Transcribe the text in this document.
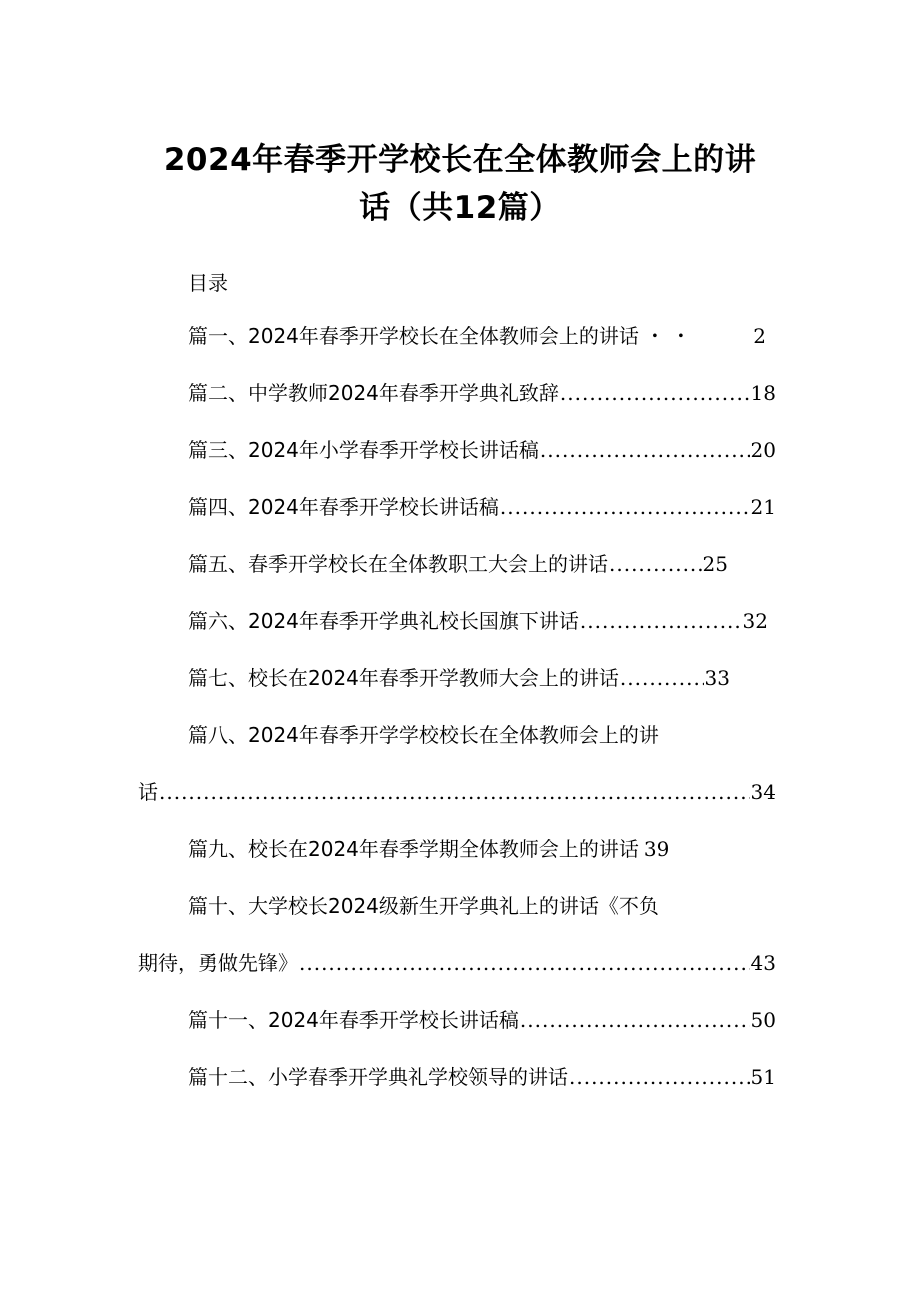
2024年春季开学校长在全体教师会上的讲
话（共12篇）
目录
篇一、2024年春季开学校长在全体教师会上的讲话 ・・	2
篇二、中学教师2024年春季开学典礼致辞 .....	18
篇三、2024年小学春季开学校长讲话稿 .....	20
篇四、2024年春季开学校长讲话稿 .....	21
篇五、春季开学校长在全体教职工大会上的讲话 .....	25
篇六、2024年春季开学典礼校长国旗下讲话 .....	32
篇七、校长在2024年春季开学教师大会上的讲话 .....	33
篇八、2024年春季开学学校校长在全体教师会上的讲
话 .....	34
篇九、校长在2024年春季学期全体教师会上的讲话 39
篇十、大学校长2024级新生开学典礼上的讲话《不负
期待，勇做先锋》 .....	43
篇十一、2024年春季开学校长讲话稿 .....	50
篇十二、小学春季开学典礼学校领导的讲话 .....	51
